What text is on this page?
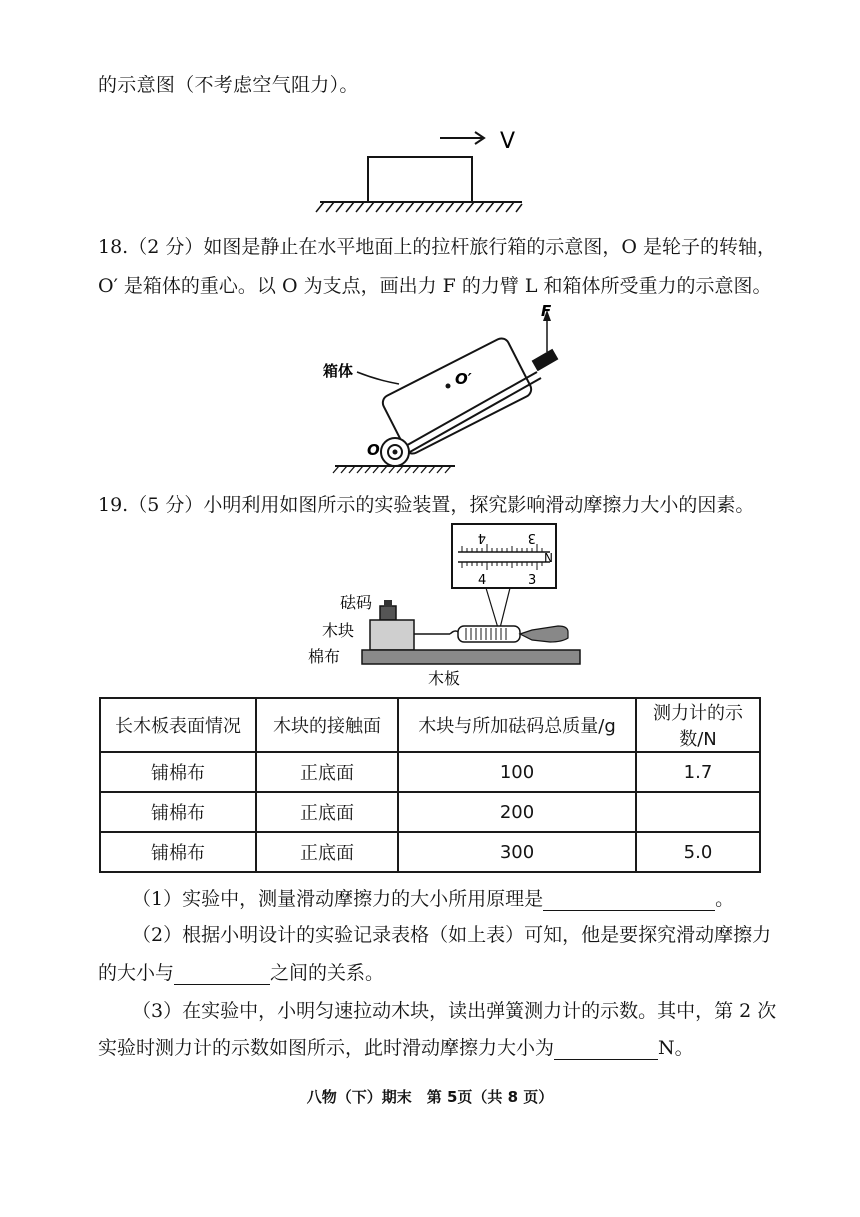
的示意图（不考虑空气阻力）。
V
18.（2 分）如图是静止在水平地面上的拉杆旅行箱的示意图，O 是轮子的转轴，
O′ 是箱体的重心。以 O 为支点，画出力 F 的力臂 L 和箱体所受重力的示意图。
F
O′
箱体
O
19.（5 分）小明利用如图所示的实验装置，探究影响滑动摩擦力大小的因素。
4	3
N
4	3
砝码
木块
棉布
木板
长木板表面情况	木块的接触面	木块与所加砝码总质量/g	测力计的示数/N
铺棉布	正底面	100	1.7
铺棉布	正底面	200	
铺棉布	正底面	300	5.0
（1）实验中，测量滑动摩擦力的大小所用原理是	。
（2）根据小明设计的实验记录表格（如上表）可知，他是要探究滑动摩擦力
的大小与	之间的关系。
（3）在实验中，小明匀速拉动木块，读出弹簧测力计的示数。其中，第 2 次
实验时测力计的示数如图所示，此时滑动摩擦力大小为	N。
八物（下）期末　第 5页（共 8 页）
